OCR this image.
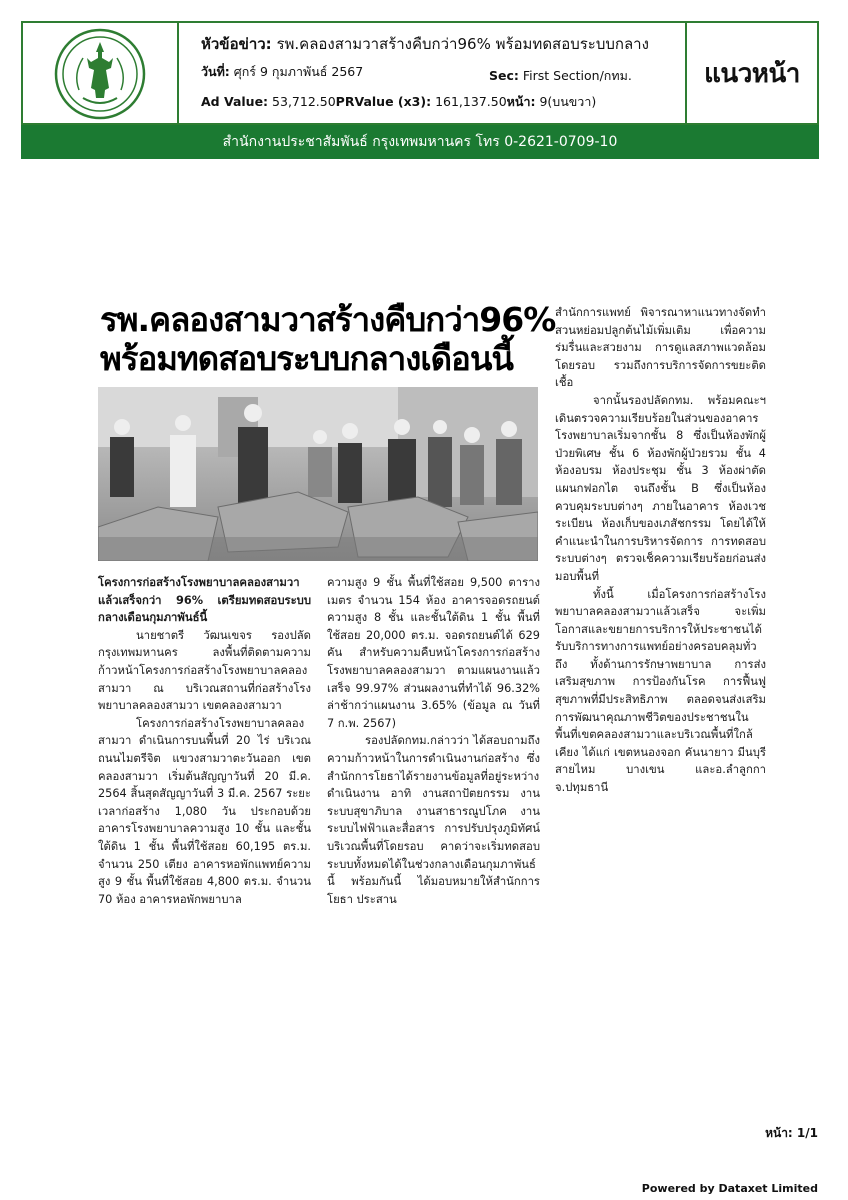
หัวข้อข่าว: รพ.คลองสามวาสร้างคืบกว่า96% พร้อมทดสอบระบบกลาง
วันที่: ศุกร์ 9 กุมภาพันธ์ 2567	Sec: First Section/กทม.
Ad Value: 53,712.50PRValue (x3): 161,137.50หน้า: 9(บนขวา)
แนวหน้า
สำนักงานประชาสัมพันธ์ กรุงเทพมหานคร โทร 0-2621-0709-10
รพ.คลองสามวาสร้างคืบกว่า96%
พร้อมทดสอบระบบกลางเดือนนี้

โครงการก่อสร้างโรงพยาบาลคลองสามวาแล้วเสร็จกว่า 96% เตรียมทดสอบระบบกลางเดือนกุมภาพันธ์นี้

นายชาตรี วัฒนเขจร รองปลัดกรุงเทพมหานคร ลงพื้นที่ติดตามความก้าวหน้าโครงการก่อสร้างโรงพยาบาลคลองสามวา ณ บริเวณสถานที่ก่อสร้างโรงพยาบาลคลองสามวา เขตคลองสามวา

โครงการก่อสร้างโรงพยาบาลคลองสามวา ดำเนินการบนพื้นที่ 20 ไร่ บริเวณถนนไมตรีจิต แขวงสามวาตะวันออก เขตคลองสามวา เริ่มต้นสัญญาวันที่ 20 มี.ค. 2564 สิ้นสุดสัญญาวันที่ 3 มี.ค. 2567 ระยะเวลาก่อสร้าง 1,080 วัน ประกอบด้วย อาคารโรงพยาบาลความสูง 10 ชั้น และชั้นใต้ดิน 1 ชั้น พื้นที่ใช้สอย 60,195 ตร.ม. จำนวน 250 เตียง อาคารหอพักแพทย์ความสูง 9 ชั้น พื้นที่ใช้สอย 4,800 ตร.ม. จำนวน 70 ห้อง อาคารหอพักพยาบาล

ความสูง 9 ชั้น พื้นที่ใช้สอย 9,500 ตารางเมตร จำนวน 154 ห้อง อาคารจอดรถยนต์ความสูง 8 ชั้น และชั้นใต้ดิน 1 ชั้น พื้นที่ใช้สอย 20,000 ตร.ม. จอดรถยนต์ได้ 629 คัน สำหรับความคืบหน้าโครงการก่อสร้างโรงพยาบาลคลองสามวา ตามแผนงานแล้วเสร็จ 99.97% ส่วนผลงานที่ทำได้ 96.32% ล่าช้ากว่าแผนงาน 3.65% (ข้อมูล ณ วันที่ 7 ก.พ. 2567)

รองปลัดกทม.กล่าวว่า ได้สอบถามถึงความก้าวหน้าในการดำเนินงานก่อสร้าง ซึ่งสำนักการโยธาได้รายงานข้อมูลที่อยู่ระหว่างดำเนินงาน อาทิ งานสถาปัตยกรรม งานระบบสุขาภิบาล งานสาธารณูปโภค งานระบบไฟฟ้าและสื่อสาร การปรับปรุงภูมิทัศน์บริเวณพื้นที่โดยรอบ คาดว่าจะเริ่มทดสอบระบบทั้งหมดได้ในช่วงกลางเดือนกุมภาพันธ์นี้ พร้อมกันนี้ ได้มอบหมายให้สำนักการโยธา ประสาน

สำนักการแพทย์ พิจารณาหาแนวทางจัดทำสวนหย่อมปลูกต้นไม้เพิ่มเติม เพื่อความร่มรื่นและสวยงาม การดูแลสภาพแวดล้อมโดยรอบ รวมถึงการบริการจัดการขยะติดเชื้อ

จากนั้นรองปลัดกทม. พร้อมคณะฯ เดินตรวจความเรียบร้อยในส่วนของอาคารโรงพยาบาลเริ่มจากชั้น 8 ซึ่งเป็นห้องพักผู้ป่วยพิเศษ ชั้น 6 ห้องพักผู้ป่วยรวม ชั้น 4 ห้องอบรม ห้องประชุม ชั้น 3 ห้องผ่าตัด แผนกฟอกไต จนถึงชั้น B ซึ่งเป็นห้องควบคุมระบบต่างๆ ภายในอาคาร ห้องเวชระเบียน ห้องเก็บของเภสัชกรรม โดยได้ให้คำแนะนำในการบริหารจัดการ การทดสอบระบบต่างๆ ตรวจเช็คความเรียบร้อยก่อนส่งมอบพื้นที่

ทั้งนี้ เมื่อโครงการก่อสร้างโรงพยาบาลคลองสามวาแล้วเสร็จ จะเพิ่มโอกาสและขยายการบริการให้ประชาชนได้รับบริการทางการแพทย์อย่างครอบคลุมทั่วถึง ทั้งด้านการรักษาพยาบาล การส่งเสริมสุขภาพ การป้องกันโรค การฟื้นฟูสุขภาพที่มีประสิทธิภาพ ตลอดจนส่งเสริมการพัฒนาคุณภาพชีวิตของประชาชนในพื้นที่เขตคลองสามวาและบริเวณพื้นที่ใกล้เคียง ได้แก่ เขตหนองจอก คันนายาว มีนบุรี สายไหม บางเขน และอ.ลำลูกกา จ.ปทุมธานี

หน้า: 1/1
Powered by Dataxet Limited
